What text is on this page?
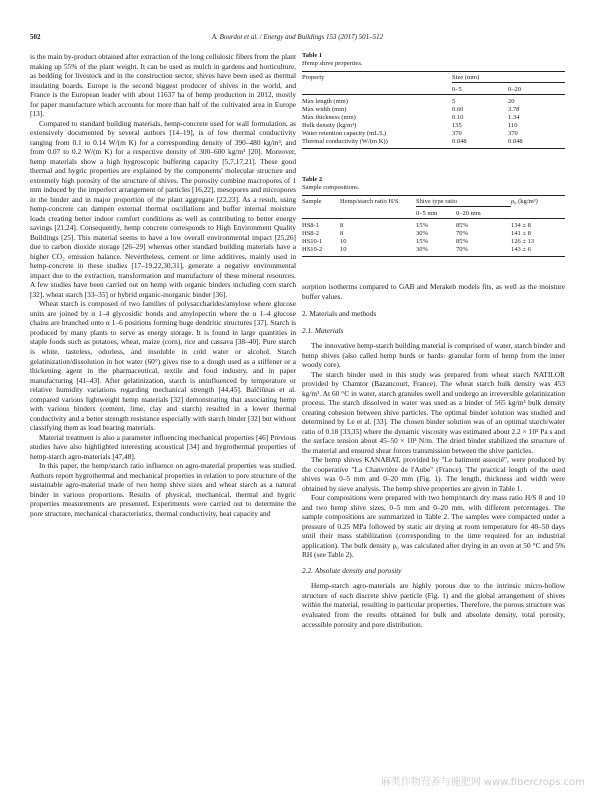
502	A. Bourdot et al. / Energy and Buildings 153 (2017) 501–512

is the main by-product obtained after extraction of the long cellulosic fibers from the plant making up 55% of the plant weight. It can be used as mulch in gardens and horticulture, as bedding for livestock and in the construction sector, shives have been used as thermal insulating boards. Europe is the second biggest producer of shives in the world, and France is the European leader with about 11637 ha of hemp production in 2012, mostly for paper manufacture which accounts for more than half of the cultivated area in Europe [13].

Compared to standard building materials, hemp-concrete used for wall formulation, as extensively documented by several authors [14–19], is of low thermal conductivity ranging from 0.1 to 0.14 W/(m K) for a corresponding density of 390–480 kg/m³, and from 0.07 to 0.2 W/(m K) for a respective density of 300–600 kg/m³ [20]. Moreover, hemp materials show a high hygroscopic buffering capacity [5,7,17,21]. These good thermal and hygric properties are explained by the components' molecular structure and extremely high porosity of the structure of shives. The porosity combine macropores of 1 mm induced by the imperfect arrangement of particles [16,22], mesopores and micropores in the binder and in major proportion of the plant aggregate [22,23]. As a result, using hemp-concrete can dampen external thermal oscillations and buffer internal moisture loads creating better indoor comfort conditions as well as contributing to better energy savings [21,24]. Consequently, hemp concrete corresponds to High Environment Quality Buildings [25]. This material seems to have a low overall environmental impact [25,26] due to carbon dioxide storage [26–29] whereas other standard building materials have a higher CO₂ emission balance. Nevertheless, cement or lime additives, mainly used in hemp-concrete in these studies [17–19,22,30,31], generate a negative environmental impact due to the extraction, transformation and manufacture of these mineral resources. A few studies have been carried out on hemp with organic binders including corn starch [32], wheat starch [33–35] or hybrid organic-inorganic binder [36].

Wheat starch is composed of two families of polysaccharides/amylose where glucose units are joined by α 1–4 glycosidic bonds and amylopectin where the α 1–4 glucose chains are branched onto α 1–6 positions forming huge dendritic structures [37]. Starch is produced by many plants to serve as energy storage. It is found in large quantities in staple foods such as potatoes, wheat, maize (corn), rice and cassava [38–40]. Pure starch is white, tasteless, odorless, and insoluble in cold water or alcohol. Starch gelatinization/dissolution in hot water (60°) gives rise to a dough used as a stiffener or a thickening agent in the pharmaceutical, textile and food industry, and in paper manufacturing [41–43]. After gelatinization, starch is uninfluenced by temperature or relative humidity variations regarding mechanical strength [44,45]. Balčiūnas et al. compared various lightweight hemp materials [32] demonstrating that associating hemp with various binders (cement, lime, clay and starch) resulted in a lower thermal conductivity and a better strength resistance especially with starch binder [32] but without classifying them as load bearing materials.

Material treatment is also a parameter influencing mechanical properties [46] Previous studies have also highlighted interesting acoustical [34] and hygrothermal properties of hemp-starch agro-materials [47,48].

In this paper, the hemp/starch ratio influence on agro-material properties was studied. Authors report hygrothermal and mechanical properties in relation to pore structure of the sustainable agro-material made of two hemp shive sizes and wheat starch as a natural binder in various proportions. Results of physical, mechanical, thermal and hygric properties measurements are presented. Experiments were carried out to determine the pore structure, mechanical characteristics, thermal conductivity, heat capacity and

Table 1
Hemp shive properties.
Property	Size (mm)	
	0–5	0–20
Max length (mm)	5	20
Max width (mm)	0.60	3.78
Max thickness (mm)	0.10	1.34
Bulk density (kg/m³)	135	110
Water retention capacity (mL/L)	370	370
Thermal conductivity (W/(m K))	0.048	0.048
Table 2
Sample compositions.
Sample	Hemp/starch ratio H/S	Shive type ratio		ρ₀ (kg/m³)
		0–5 mm	0–20 mm	
HS8-1	8	15%	85%	134 ± 8
HS8-2	8	30%	70%	141 ± 8
HS10-1	10	15%	85%	126 ± 13
HS10-2	10	30%	70%	143 ± 6

sorption isotherms compared to GAB and Merakeb models fits, as well as the moisture buffer values.

2. Materials and methods
2.1. Materials

The innovative hemp-starch building material is comprised of water, starch binder and hemp shives (also called hemp hurds or hards: granular form of hemp from the inner woody core).

The starch binder used in this study was prepared from wheat starch NATILOR provided by Chamtor (Bazancourt, France). The wheat starch bulk density was 453 kg/m³. At 60 °C in water, starch granules swell and undergo an irreversible gelatinization process. The starch dissolved in water was used as a binder of 565 kg/m³ bulk density creating cohesion between shive particles. The optimal binder solution was studied and determined by Le et al. [33]. The chosen binder solution was of an optimal starch/water ratio of 0.18 [33,35] where the dynamic viscosity was estimated about 2.2 × 10³ Pa s and the surface tension about 45–50 × 10³ N/m. The dried binder stabilized the structure of the material and ensured shear forces transmission between the shive particles.

The hemp shives KANABAT, provided by "Le batiment associé", were produced by the cooperative "La Chanvrière de l'Aube" (France). The practical length of the used shives was 0–5 mm and 0–20 mm (Fig. 1). The length, thickness and width were obtained by sieve analysis. The hemp shive properties are given in Table 1.

Four compositions were prepared with two hemp/starch dry mass ratio H/S 8 and 10 and two hemp shive sizes, 0–5 mm and 0–20 mm, with different percentages. The sample compositions are summarized in Table 2. The samples were compacted under a pressure of 0.25 MPa followed by static air drying at room temperature for 40–50 days until their mass stabilization (corresponding to the time required for an industrial application). The bulk density ρ₀ was calculated after drying in an oven at 50 °C and 5% RH (see Table 2).

2.2. Absolute density and porosity

Hemp-starch agro-materials are highly porous due to the intrinsic micro-hollow structure of each discrete shive particle (Fig. 1) and the global arrangement of shives within the material, resulting in particular properties. Therefore, the porous structure was evaluated from the results obtained for bulk and absolute density, total porosity, accessible porosity and pore distribution.

麻类作物营养与施肥网 www.fibercrops.com
